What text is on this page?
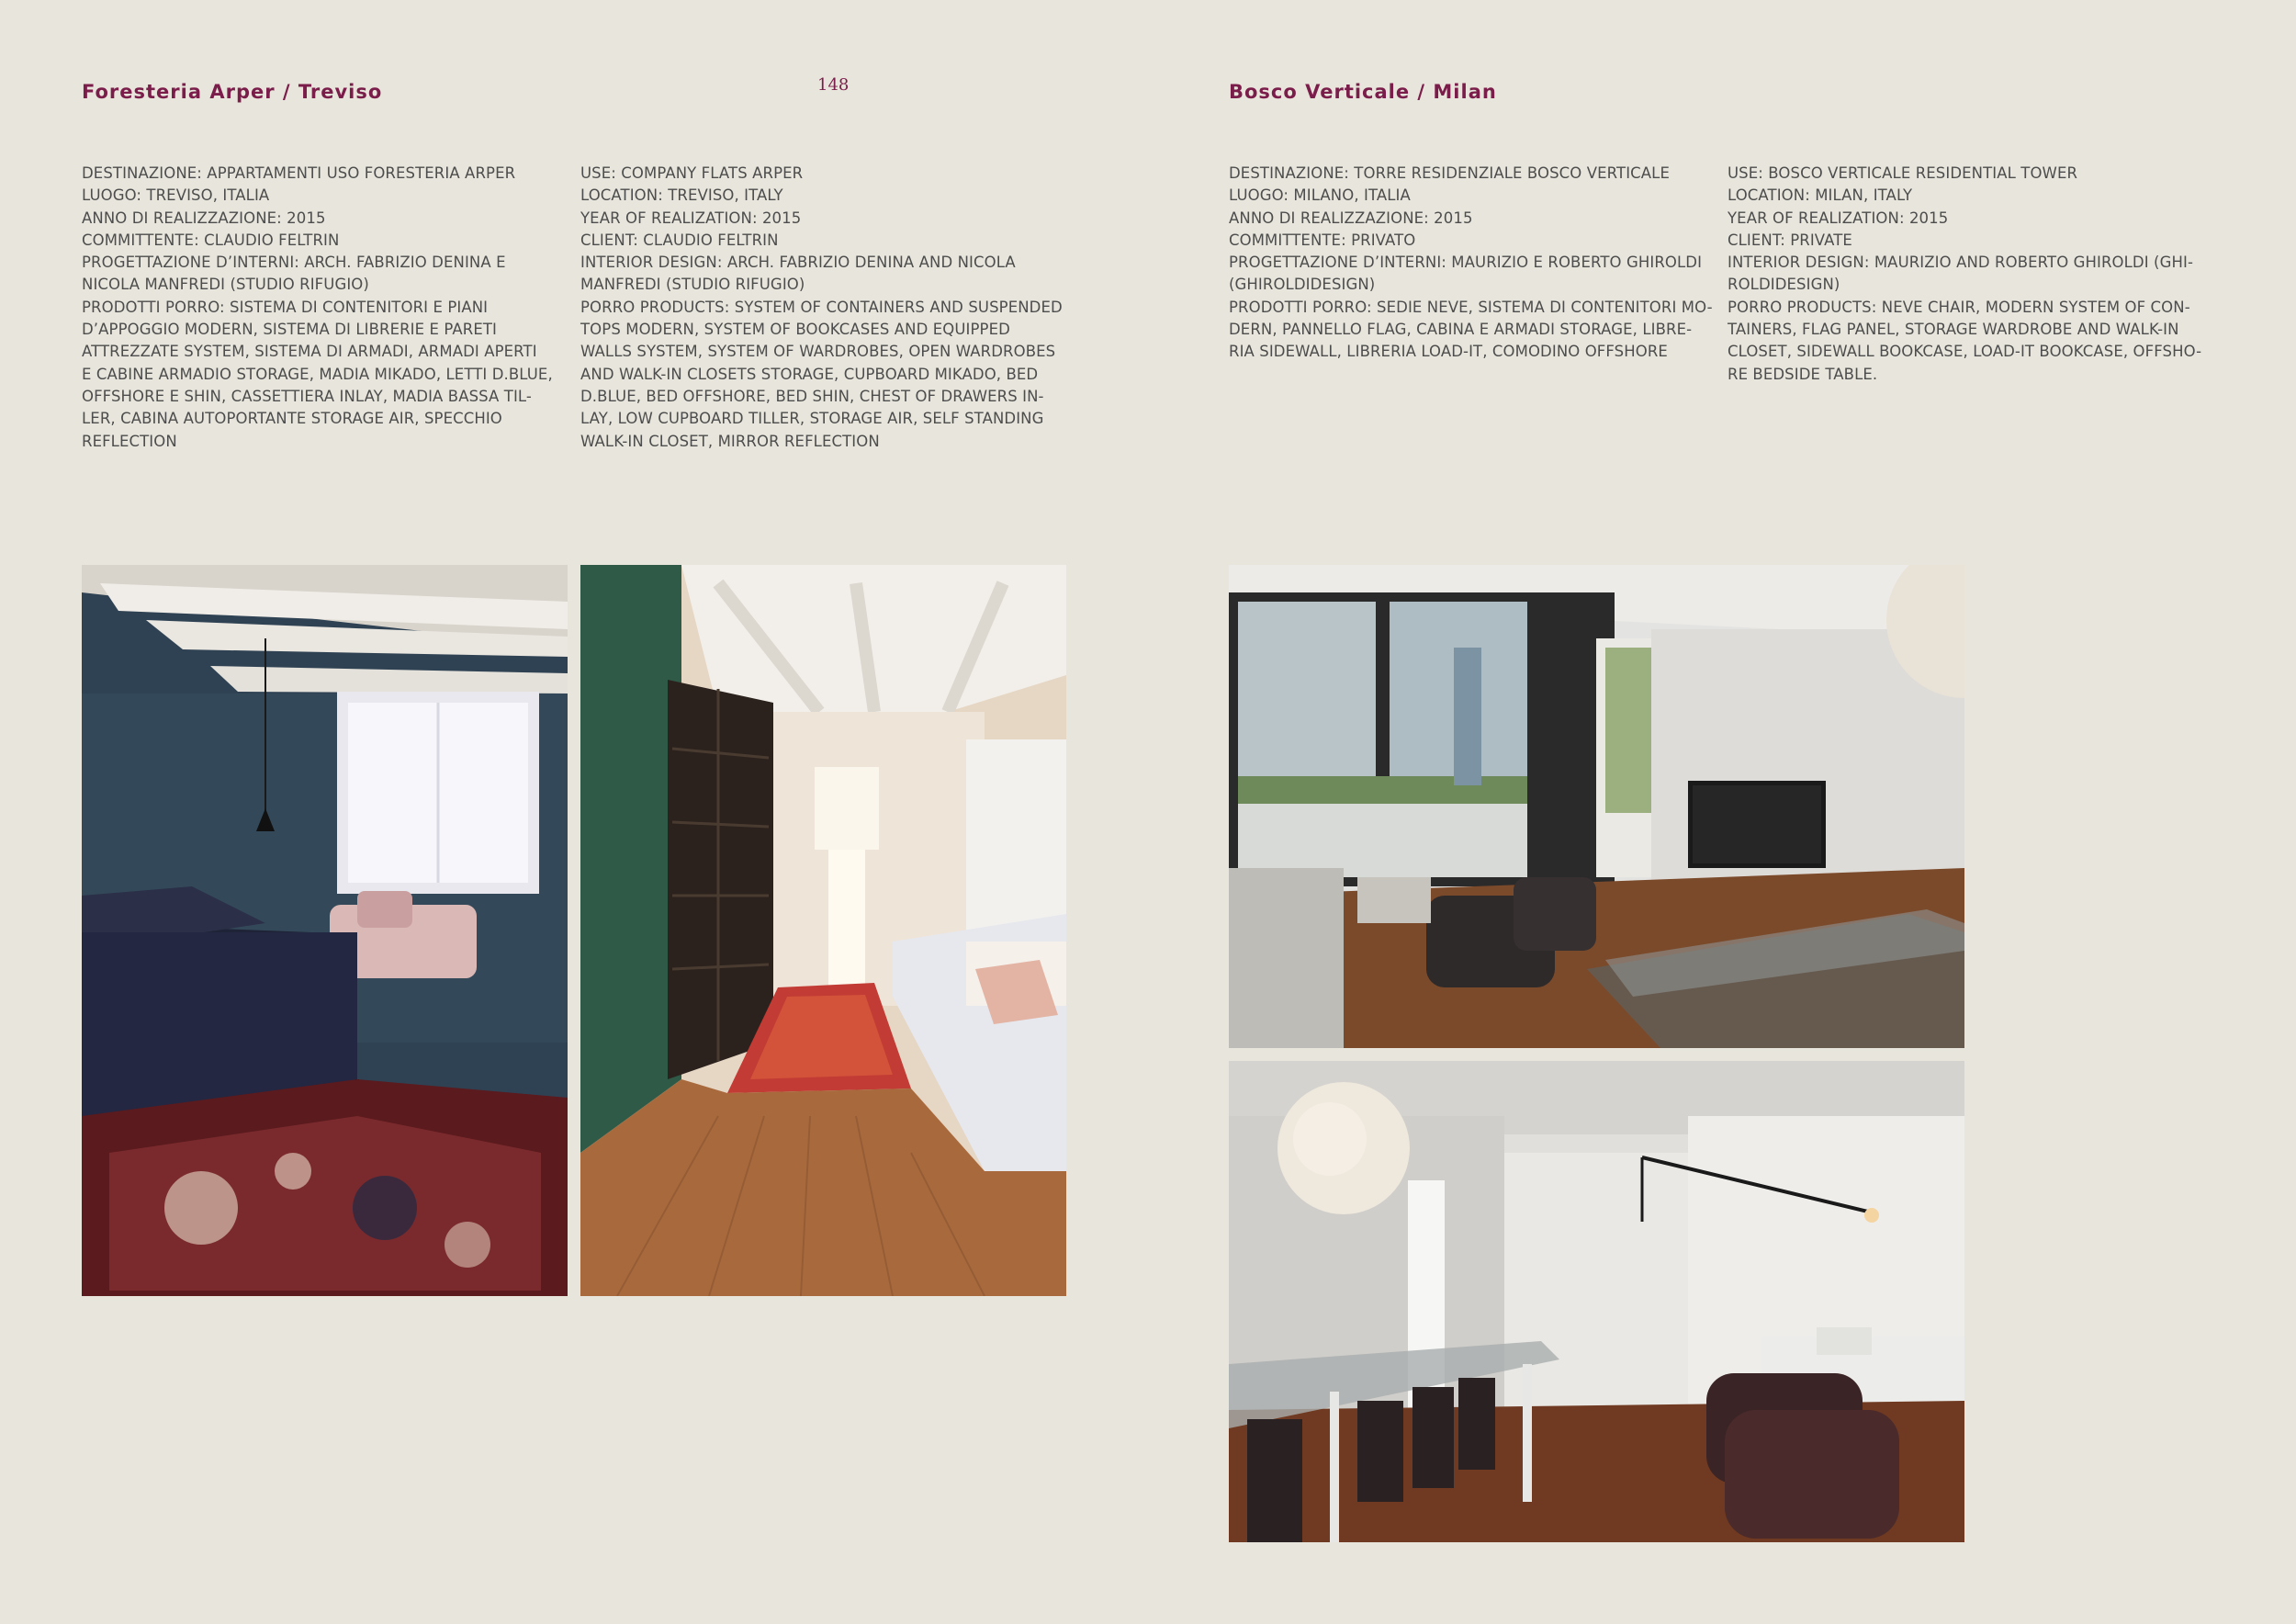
Foresteria Arper / Treviso	148	Bosco Verticale / Milan
DESTINAZIONE: APPARTAMENTI USO FORESTERIA ARPER
LUOGO: TREVISO, ITALIA
ANNO DI REALIZZAZIONE: 2015
COMMITTENTE: CLAUDIO FELTRIN
PROGETTAZIONE D’INTERNI: ARCH. FABRIZIO DENINA E
NICOLA MANFREDI (STUDIO RIFUGIO)
PRODOTTI PORRO: SISTEMA DI CONTENITORI E PIANI
D’APPOGGIO MODERN, SISTEMA DI LIBRERIE E PARETI
ATTREZZATE SYSTEM, SISTEMA DI ARMADI, ARMADI APERTI
E CABINE ARMADIO STORAGE, MADIA MIKADO, LETTI D.BLUE,
OFFSHORE E SHIN, CASSETTIERA INLAY, MADIA BASSA TIL-
LER, CABINA AUTOPORTANTE STORAGE AIR, SPECCHIO
REFLECTION
USE: COMPANY FLATS ARPER
LOCATION: TREVISO, ITALY
YEAR OF REALIZATION: 2015
CLIENT: CLAUDIO FELTRIN
INTERIOR DESIGN: ARCH. FABRIZIO DENINA AND NICOLA
MANFREDI (STUDIO RIFUGIO)
PORRO PRODUCTS: SYSTEM OF CONTAINERS AND SUSPENDED
TOPS MODERN, SYSTEM OF BOOKCASES AND EQUIPPED
WALLS SYSTEM, SYSTEM OF WARDROBES, OPEN WARDROBES
AND WALK-IN CLOSETS STORAGE, CUPBOARD MIKADO, BED
D.BLUE, BED OFFSHORE, BED SHIN, CHEST OF DRAWERS IN-
LAY, LOW CUPBOARD TILLER, STORAGE AIR, SELF STANDING
WALK-IN CLOSET, MIRROR REFLECTION
DESTINAZIONE: TORRE RESIDENZIALE BOSCO VERTICALE
LUOGO: MILANO, ITALIA
ANNO DI REALIZZAZIONE: 2015
COMMITTENTE: PRIVATO
PROGETTAZIONE D’INTERNI: MAURIZIO E ROBERTO GHIROLDI
(GHIROLDIDESIGN)
PRODOTTI PORRO: SEDIE NEVE, SISTEMA DI CONTENITORI MO-
DERN, PANNELLO FLAG, CABINA E ARMADI STORAGE, LIBRE-
RIA SIDEWALL, LIBRERIA LOAD-IT, COMODINO OFFSHORE
USE: BOSCO VERTICALE RESIDENTIAL TOWER
LOCATION: MILAN, ITALY
YEAR OF REALIZATION: 2015
CLIENT: PRIVATE
INTERIOR DESIGN: MAURIZIO AND ROBERTO GHIROLDI (GHI-
ROLDIDESIGN)
PORRO PRODUCTS: NEVE CHAIR, MODERN SYSTEM OF CON-
TAINERS, FLAG PANEL, STORAGE WARDROBE AND WALK-IN
CLOSET, SIDEWALL BOOKCASE, LOAD-IT BOOKCASE, OFFSHO-
RE BEDSIDE TABLE.
